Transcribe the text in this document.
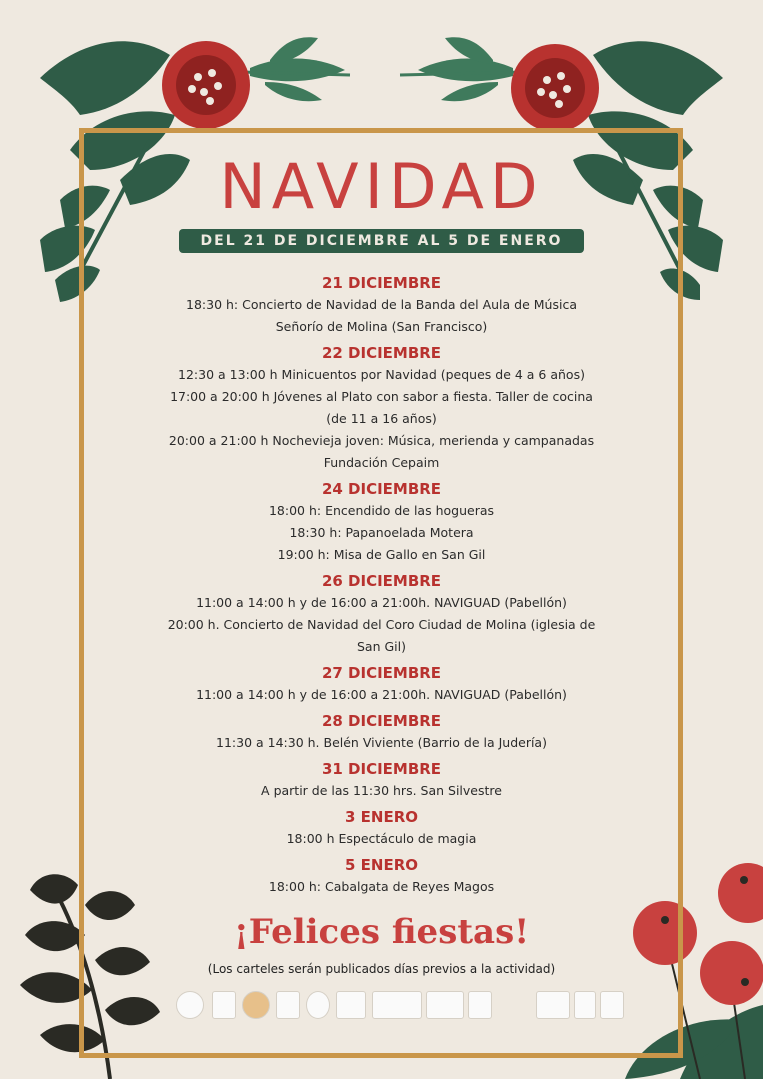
NAVIDAD
DEL 21 DE DICIEMBRE AL 5 DE ENERO
21 DICIEMBRE
18:30 h: Concierto de Navidad de la Banda del Aula de Música
Señorío de Molina (San Francisco)
22 DICIEMBRE
12:30 a 13:00 h Minicuentos por Navidad (peques de 4 a 6 años)
17:00 a 20:00 h Jóvenes al Plato con sabor a fiesta. Taller de cocina
(de 11 a 16 años)
20:00 a 21:00 h Nochevieja joven: Música, merienda y campanadas
Fundación Cepaim
24 DICIEMBRE
18:00 h: Encendido de las hogueras
18:30 h: Papanoelada Motera
19:00 h: Misa de Gallo en San Gil
26 DICIEMBRE
11:00 a 14:00 h y de 16:00 a 21:00h. NAVIGUAD (Pabellón)
20:00 h. Concierto de Navidad del Coro Ciudad de Molina (iglesia de
San Gil)
27 DICIEMBRE
11:00 a 14:00 h y de 16:00 a 21:00h. NAVIGUAD (Pabellón)
28 DICIEMBRE
11:30 a 14:30 h. Belén Viviente (Barrio de la Judería)
31 DICIEMBRE
A partir de las 11:30 hrs. San Silvestre
3 ENERO
18:00 h Espectáculo de magia
5 ENERO
18:00 h: Cabalgata de Reyes Magos
¡Felices fiestas!
(Los carteles serán publicados días previos a la actividad)
